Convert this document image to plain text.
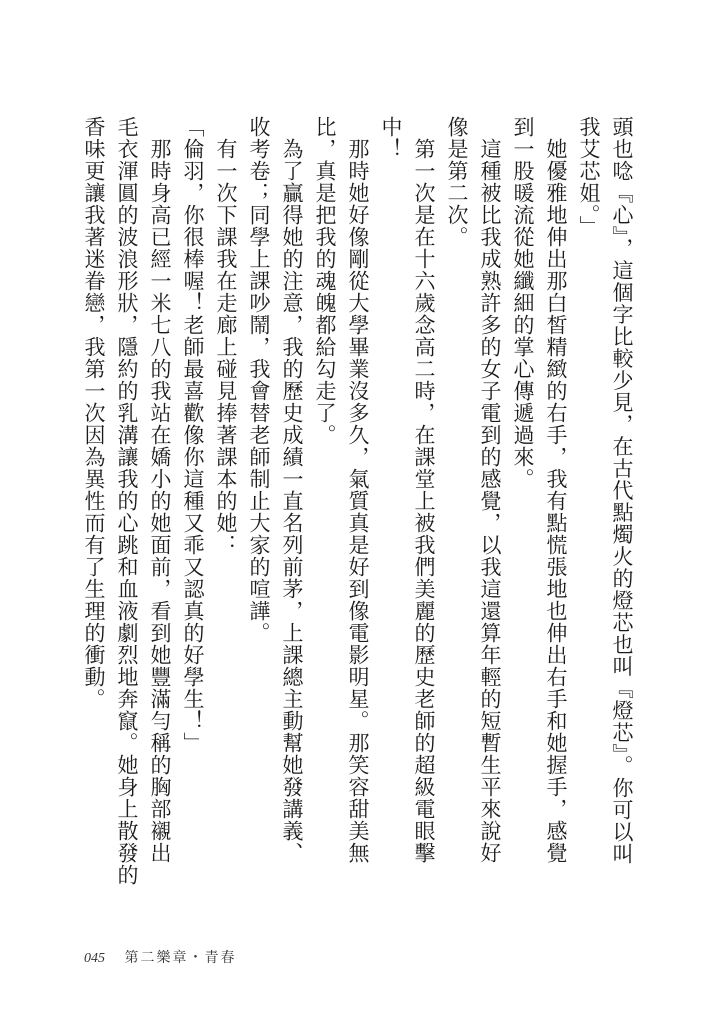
頭也唸『心』，這個字比較少見，在古代點燭火的燈芯也叫『燈芯』。你可以叫
我艾芯姐。」
　她優雅地伸出那白皙精緻的右手，我有點慌張地也伸出右手和她握手，感覺
到一股暖流從她纖細的掌心傳遞過來。
　這種被比我成熟許多的女子電到的感覺，以我這還算年輕的短暫生平來說好
像是第二次。
　第一次是在十六歲念高二時，在課堂上被我們美麗的歷史老師的超級電眼擊
中！
　那時她好像剛從大學畢業沒多久，氣質真是好到像電影明星。那笑容甜美無
比，真是把我的魂魄都給勾走了。
　為了贏得她的注意，我的歷史成績一直名列前茅，上課總主動幫她發講義、
收考卷；同學上課吵鬧，我會替老師制止大家的喧譁。
　有一次下課我在走廊上碰見捧著課本的她：
「倫羽，你很棒喔！老師最喜歡像你這種又乖又認真的好學生！」
　那時身高已經一米七八的我站在嬌小的她面前，看到她豐滿勻稱的胸部襯出
毛衣渾圓的波浪形狀，隱約的乳溝讓我的心跳和血液劇烈地奔竄。她身上散發的
香味更讓我著迷眷戀，我第一次因為異性而有了生理的衝動。
045 第二樂章・青春
